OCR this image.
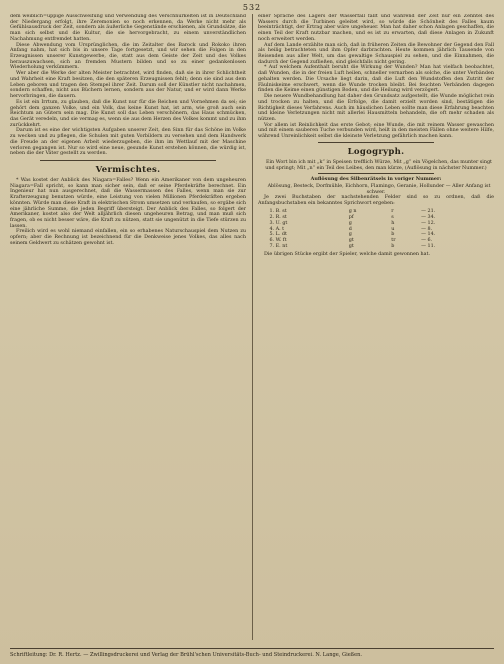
532

dem weiblich=üppige Ausschweifung und Verwendung des Verschnürkelten ist in Deutschland der Niedergang erfolgt, ihre Zeremonien so noch erkennen, da Werke nicht mehr als Gefühlsausdruck der Zeit, sondern als äußerliche Gegenstände erschienen, als Grundsätze, die man sich selbst und die Kultur, die sie hervorgebracht, zu einem unverständlichen Nachahmung entfremdet hatten.

Diese Abwendung vom Ursprünglichen, die im Zeitalter des Barock und Rokoko ihren Anfang nahm, hat sich bis in unsere Tage fortgesetzt, und wir sehen die Folgen in den Erzeugnissen unserer Kunstgewerbe, die, statt aus dem Geiste der Zeit und des Volkes herauszuwachsen, sich an fremden Mustern bilden und so zu einer gedankenlosen Wiederholung verkümmern.

Wer aber die Werke der alten Meister betrachtet, wird finden, daß sie in ihrer Schlichtheit und Wahrheit eine Kraft besitzen, die den späteren Erzeugnissen fehlt; denn sie sind aus dem Leben geboren und tragen den Stempel ihrer Zeit. Darum soll der Künstler nicht nachahmen, sondern schaffen, nicht aus Büchern lernen, sondern aus der Natur, und er wird dann Werke hervorbringen, die dauern.

Es ist ein Irrtum, zu glauben, daß die Kunst nur für die Reichen und Vornehmen da sei; sie gehört dem ganzen Volke, und ein Volk, das keine Kunst hat, ist arm, wie groß auch sein Reichtum an Gütern sein mag. Die Kunst soll das Leben verschönern, das Haus schmücken, das Gerät veredeln, und sie vermag es, wenn sie aus dem Herzen des Volkes kommt und zu ihm zurückkehrt.

Darum ist es eine der wichtigsten Aufgaben unserer Zeit, den Sinn für das Schöne im Volke zu wecken und zu pflegen, die Schulen mit guten Vorbildern zu versehen und dem Handwerk die Freude an der eigenen Arbeit wiederzugeben, die ihm im Wettlauf mit der Maschine verloren gegangen ist. Nur so wird eine neue, gesunde Kunst erstehen können, die würdig ist, neben die der Väter gestellt zu werden.

Vermischtes.

* Was kostet der Anblick des Niagara=Falles? Wenn ein Amerikaner von dem ungeheuren Niagara=Fall spricht, so kann man sicher sein, daß er seine Pferdekräfte berechnet. Ein Ingenieur hat nun ausgerechnet, daß die Wassermassen des Falles, wenn man sie zur Krafterzeugung benutzen würde, eine Leistung von vielen Millionen Pferdekräften ergeben könnten. Würde man diese Kraft in elektrischen Strom umsetzen und verkaufen, so ergäbe sich eine jährliche Summe, die jeden Begriff übersteigt. Der Anblick des Falles, so folgert der Amerikaner, kostet also der Welt alljährlich diesen ungeheuren Betrag, und man muß sich fragen, ob es nicht besser wäre, die Kraft zu nützen, statt sie ungenützt in die Tiefe stürzen zu lassen.

Freilich wird es wohl niemand einfallen, ein so erhabenes Naturschauspiel dem Nutzen zu opfern; aber die Rechnung ist bezeichnend für die Denkweise jenes Volkes, das alles nach seinem Geldwert zu schätzen gewohnt ist.

einer Sprache des Lagers der Wasserfall fällt und während der Zeit nur ein Zehntel des Wassers durch die Turbinen geleitet wird, so würde die Schönheit des Falles kaum beeinträchtigt, der Ertrag aber wäre ungeheuer. Man hat daher schon Anlagen geschaffen, die einen Teil der Kraft nutzbar machen, und es ist zu erwarten, daß diese Anlagen in Zukunft noch erweitert werden.

Auf dem Lande erzählte man sich, daß in früheren Zeiten die Bewohner der Gegend den Fall als heilig betrachteten und ihm Opfer darbrachten. Heute kommen jährlich Tausende von Reisenden aus aller Welt, um das gewaltige Schauspiel zu sehen, und die Einnahmen, die dadurch der Gegend zufließen, sind gleichfalls nicht gering.

* Auf welchem Aufenthalt beruht die Wirkung der Wunden? Man hat vielfach beobachtet, daß Wunden, die in der freien Luft heilen, schneller vernarben als solche, die unter Verbänden gehalten werden. Die Ursache liegt darin, daß die Luft den Wundstoffen den Zutritt der Fäulniskeime erschwert, wenn die Wunde trocken bleibt. Bei feuchten Verbänden dagegen finden die Keime einen günstigen Boden, und die Heilung wird verzögert.

Die neuere Wundbehandlung hat daher den Grundsatz aufgestellt, die Wunde möglichst rein und trocken zu halten, und die Erfolge, die damit erzielt worden sind, bestätigen die Richtigkeit dieses Verfahrens. Auch im häuslichen Leben sollte man diese Erfahrung beachten und kleine Verletzungen nicht mit allerlei Hausmitteln behandeln, die oft mehr schaden als nützen.

Vor allem ist Reinlichkeit das erste Gebot; eine Wunde, die mit reinem Wasser gewaschen und mit einem sauberen Tuche verbunden wird, heilt in den meisten Fällen ohne weitere Hilfe, während Unreinlichkeit selbst die kleinste Verletzung gefährlich machen kann.

Logogryph.

Ein Wort bin ich mit „k“ in Speisen trefflich Würze, Mit „g“ ein Vögelchen, das munter singt und springt; Mit „n“ ein Teil des Leibes, den man kürze, (Auflösung in nächster Nummer.)

Auflösung des Silbenrätsels in voriger Nummer:

Ablösung, Besteck, Dorfmühle, Eichhorn, Flamingo, Geranie, Hollunder — Aller Anfang ist schwer.

Je zwei Buchstaben der nachstehenden Felder sind so zu ordnen, daß die Anfangsbuchstaben ein bekanntes Sprichwort ergeben:

1. B. st	g n	r	— 21.
2. R. st	pf	s	— 34.
3. U. gt	g	h	— 12.
4. A. t	d	u	— 8.
5. L. dt	g	b	— 14.
6. W. ft	gt	tr	— 6.
7. E. nt	gt	b	— 11.

Die übrigen Stücke ergibt der Spieler, welche damit gewonnen hat.

Schriftleitung: Dr. R. Hertz. — Zwillingsdruckerei und Verlag der Brühl'schen Universitäts-Buch- und Steindruckerei. N. Lange, Gießen.
